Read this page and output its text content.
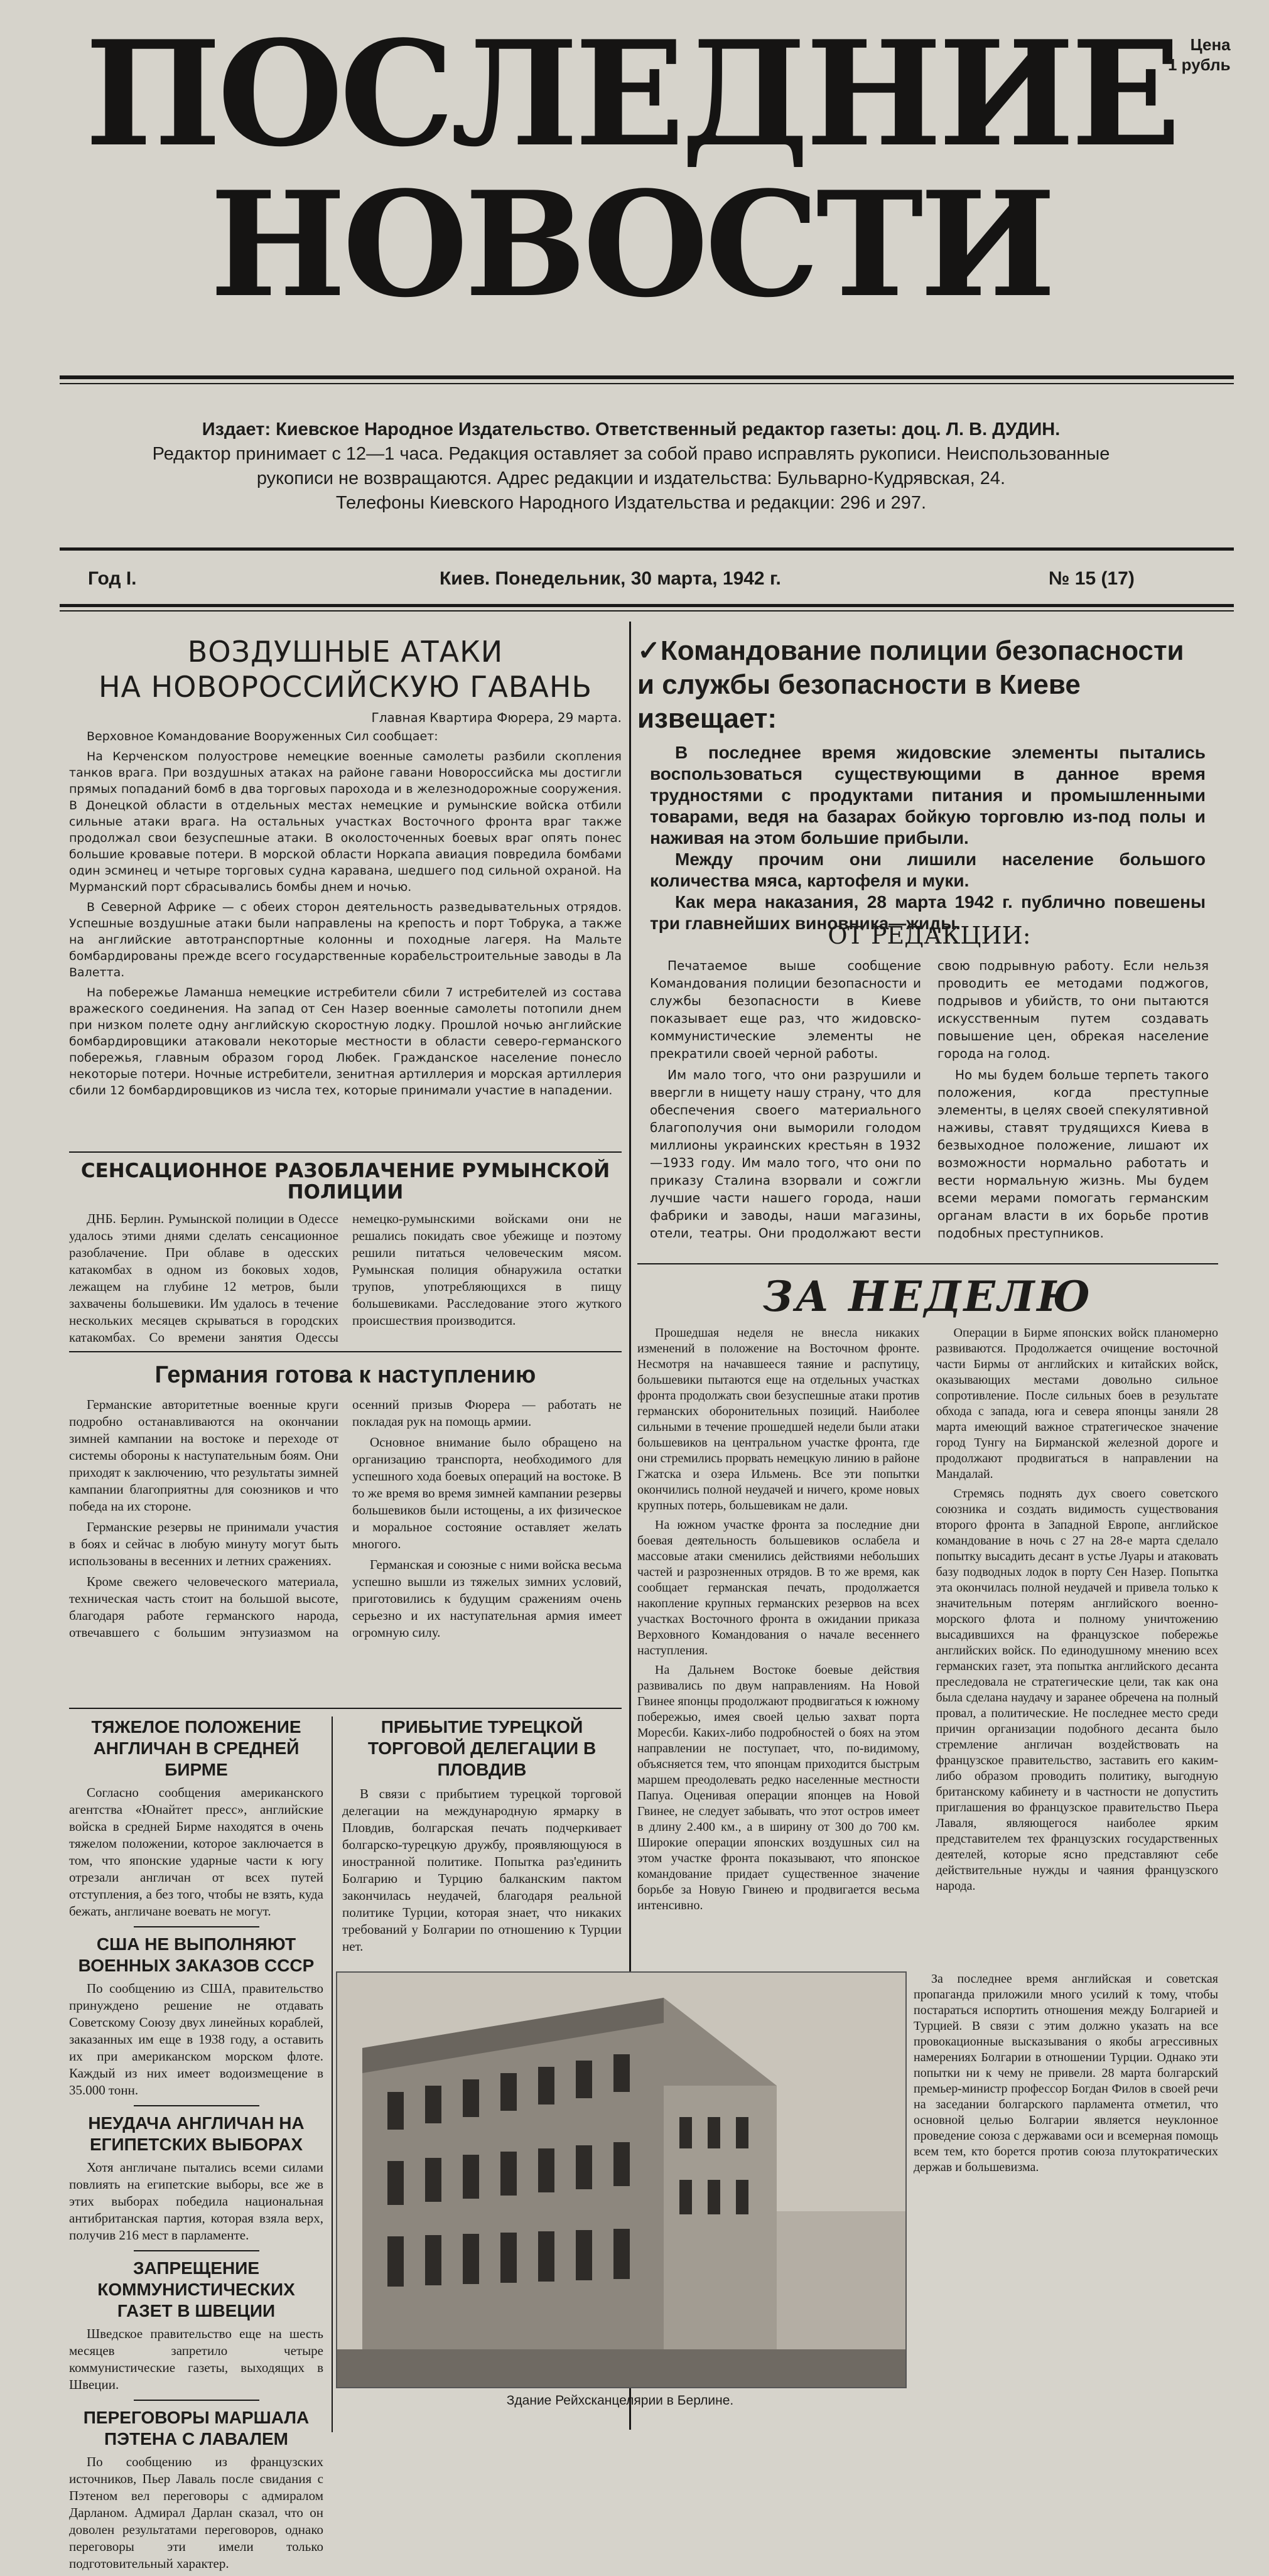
ПОСЛЕДНИЕ
НОВОСТИ
Цена
1 рубль
Издает: Киевское Народное Издательство. Ответственный редактор газеты: доц. Л. В. ДУДИН.
Редактор принимает с 12—1 часа. Редакция оставляет за собой право исправлять рукописи. Неиспользованные
рукописи не возвращаются. Адрес редакции и издательства: Бульварно-Кудрявская, 24.
Телефоны Киевского Народного Издательства и редакции: 296 и 297.
Год I.	Киев. Понедельник, 30 марта, 1942 г.	№ 15 (17)
ВОЗДУШНЫЕ АТАКИ
НА НОВОРОССИЙСКУЮ ГАВАНЬ
Главная Квартира Фюрера, 29 марта.

Верховное Командование Вооруженных Сил сообщает:

На Керченском полуострове немецкие военные самолеты разбили скопления танков врага. При воздушных атаках на районе гавани Новороссийска мы достигли прямых попаданий бомб в два торговых парохода и в железнодорожные сооружения. В Донецкой области в отдельных местах немецкие и румынские войска отбили сильные атаки врага. На остальных участках Восточного фронта враг также продолжал свои безуспешные атаки. В околосточенных боевых враг опять понес большие кровавые потери. В морской области Норкапа авиация повредила бомбами один эсминец и четыре торговых судна каравана, шедшего под сильной охраной. На Мурманский порт сбрасывались бомбы днем и ночью.

В Северной Африке — с обеих сторон деятельность разведывательных отрядов. Успешные воздушные атаки были направлены на крепость и порт Тобрука, а также на английские автотранспортные колонны и походные лагеря. На Мальте бомбардированы прежде всего государственные корабельстроительные заводы в Ла Валетта.

На побережье Ламанша немецкие истребители сбили 7 истребителей из состава вражеского соединения. На запад от Сен Назер военные самолеты потопили днем при низком полете одну английскую скоростную лодку. Прошлой ночью английские бомбардировщики атаковали некоторые местности в области северо-германского побережья, главным образом город Любек. Гражданское население понесло некоторые потери. Ночные истребители, зенитная артиллерия и морская артиллерия сбили 12 бомбардировщиков из числа тех, которые принимали участие в нападении.

СЕНСАЦИОННОЕ РАЗОБЛАЧЕНИЕ РУМЫНСКОЙ ПОЛИЦИИ

ДНБ. Берлин. Румынской полиции в Одессе удалось этими днями сделать сенсационное разоблачение. При облаве в одесских катакомбах в одном из боковых ходов, лежащем на глубине 12 метров, были захвачены большевики. Им удалось в течение нескольких месяцев скрываться в городских катакомбах. Со времени занятия Одессы немецко-румынскими войсками они не решались покидать свое убежище и поэтому решили питаться человеческим мясом. Румынская полиция обнаружила остатки трупов, употребляющихся в пищу большевиками. Расследование этого жуткого происшествия производится.

Германия готова к наступлению

Германские авторитетные военные круги подробно останавливаются на окончании зимней кампании на востоке и переходе от системы обороны к наступательным боям. Они приходят к заключению, что результаты зимней кампании благоприятны для союзников и что победа на их стороне.

Германские резервы не принимали участия в боях и сейчас в любую минуту могут быть использованы в весенних и летних сражениях.

Кроме свежего человеческого материала, техническая часть стоит на большой высоте, благодаря работе германского народа, отвечавшего с большим энтузиазмом на осенний призыв Фюрера — работать не покладая рук на помощь армии.

Основное внимание было обращено на организацию транспорта, необходимого для успешного хода боевых операций на востоке. В то же время во время зимней кампании резервы большевиков были истощены, а их физическое и моральное состояние оставляет желать многого.

Германская и союзные с ними войска весьма успешно вышли из тяжелых зимних условий, приготовились к будущим сражениям очень серьезно и их наступательная армия имеет огромную силу.

ТЯЖЕЛОЕ ПОЛОЖЕНИЕ АНГЛИЧАН В СРЕДНЕЙ БИРМЕ

Согласно сообщения американского агентства «Юнайтет пресс», английские войска в средней Бирме находятся в очень тяжелом положении, которое заключается в том, что японские ударные части к югу отрезали англичан от всех путей отступления, а без того, чтобы не взять, куда бежать, англичане воевать не могут.

США НЕ ВЫПОЛНЯЮТ ВОЕННЫХ ЗАКАЗОВ СССР

По сообщению из США, правительство принуждено решение не отдавать Советскому Союзу двух линейных кораблей, заказанных им еще в 1938 году, а оставить их при американском морском флоте. Каждый из них имеет водоизмещение в 35.000 тонн.

НЕУДАЧА АНГЛИЧАН НА ЕГИПЕТСКИХ ВЫБОРАХ

Хотя англичане пытались всеми силами повлиять на египетские выборы, все же в этих выборах победила национальная антибританская партия, которая взяла верх, получив 216 мест в парламенте.

ЗАПРЕЩЕНИЕ КОММУНИСТИЧЕСКИХ ГАЗЕТ В ШВЕЦИИ

Шведское правительство еще на шесть месяцев запретило четыре коммунистические газеты, выходящих в Швеции.

ПЕРЕГОВОРЫ МАРШАЛА ПЭТЕНА С ЛАВАЛЕМ

По сообщению из французских источников, Пьер Лаваль после свидания с Пэтеном вел переговоры с адмиралом Дарланом. Адмирал Дарлан сказал, что он доволен результатами переговоров, однако переговоры эти имели только подготовительный характер.

ПРИБЫТИЕ ТУРЕЦКОЙ ТОРГОВОЙ ДЕЛЕГАЦИИ В ПЛОВДИВ

В связи с прибытием турецкой торговой делегации на международную ярмарку в Пловдив, болгарская печать подчеркивает болгарско-турецкую дружбу, проявляющуюся в иностранной политике. Попытка раз'единить Болгарию и Турцию балканским пактом закончилась неудачей, благодаря реальной политике Турции, которая знает, что никаких требований у Болгарии по отношению к Турции нет.

Здание Рейхсканцелярии в Берлине.
✓Командование полиции безопасности
и службы безопасности в Киеве извещает:

В последнее время жидовские элементы пытались воспользоваться существующими в данное время трудностями с продуктами питания и промышленными товарами, ведя на базарах бойкую торговлю из-под полы и наживая на этом большие прибыли.

Между прочим они лишили население большого количества мяса, картофеля и муки.

Как мера наказания, 28 марта 1942 г. публично повешены три главнейших виновника—жиды.

ОТ РЕДАКЦИИ:

Печатаемое выше сообщение Командования полиции безопасности и службы безопасности в Киеве показывает еще раз, что жидовско-коммунистические элементы не прекратили своей черной работы.

Им мало того, что они разрушили и ввергли в нищету нашу страну, что для обеспечения своего материального благополучия они выморили голодом миллионы украинских крестьян в 1932—1933 году. Им мало того, что они по приказу Сталина взорвали и сожгли лучшие части нашего города, наши фабрики и заводы, наши магазины, отели, театры. Они продолжают вести свою подрывную работу. Если нельзя проводить ее методами поджогов, подрывов и убийств, то они пытаются искусственным путем создавать повышение цен, обрекая население города на голод.

Но мы будем больше терпеть такого положения, когда преступные элементы, в целях своей спекулятивной наживы, ставят трудящихся Киева в безвыходное положение, лишают их возможности нормально работать и вести нормальную жизнь. Мы будем всеми мерами помогать германским органам власти в их борьбе против подобных преступников.

ЗА НЕДЕЛЮ

Прошедшая неделя не внесла никаких изменений в положение на Восточном фронте. Несмотря на начавшееся таяние и распутицу, большевики пытаются еще на отдельных участках фронта продолжать свои безуспешные атаки против германских оборонительных позиций. Наиболее сильными в течение прошедшей недели были атаки большевиков на центральном участке фронта, где они стремились прорвать немецкую линию в районе Гжатска и озера Ильмень. Все эти попытки окончились полной неудачей и ничего, кроме новых крупных потерь, большевикам не дали.

На южном участке фронта за последние дни боевая деятельность большевиков ослабела и массовые атаки сменились действиями небольших частей и разрозненных отрядов. В то же время, как сообщает германская печать, продолжается накопление крупных германских резервов на всех участках Восточного фронта в ожидании приказа Верховного Командования о начале весеннего наступления.

На Дальнем Востоке боевые действия развивались по двум направлениям. На Новой Гвинее японцы продолжают продвигаться к южному побережью, имея своей целью захват порта Моресби. Каких-либо подробностей о боях на этом направлении не поступает, что, по-видимому, объясняется тем, что японцам приходится быстрым маршем преодолевать редко населенные местности Папуа. Оценивая операции японцев на Новой Гвинее, не следует забывать, что этот остров имеет в длину 2.400 км., а в ширину от 300 до 700 км. Широкие операции японских воздушных сил на этом участке фронта показывают, что японское командование придает существенное значение борьбе за Новую Гвинею и продвигается весьма интенсивно.

Операции в Бирме японских войск планомерно развиваются. Продолжается очищение восточной части Бирмы от английских и китайских войск, оказывающих местами довольно сильное сопротивление. После сильных боев в результате обхода с запада, юга и севера японцы заняли 28 марта имеющий важное стратегическое значение город Тунгу на Бирманской железной дороге и продолжают продвигаться в направлении на Мандалай.

Стремясь поднять дух своего советского союзника и создать видимость существования второго фронта в Западной Европе, английское командование в ночь с 27 на 28-е марта сделало попытку высадить десант в устье Луары и атаковать базу подводных лодок в порту Сен Назер. Попытка эта окончилась полной неудачей и привела только к значительным потерям английского военно-морского флота и полному уничтожению высадившихся на французское побережье английских войск. По единодушному мнению всех германских газет, эта попытка английского десанта преследовала не стратегические цели, так как она была сделана наудачу и заранее обречена на полный провал, а политические. Не последнее место среди причин организации подобного десанта было стремление англичан воздействовать на французское правительство, заставить его каким-либо образом проводить политику, выгодную британскому кабинету и в частности не допустить приглашения во французское правительство Пьера Лаваля, являющегося наиболее ярким представителем тех французских государственных деятелей, которые ясно представляют себе действительные нужды и чаяния французского народа.

За последнее время английская и советская пропаганда приложили много усилий к тому, чтобы постараться испортить отношения между Болгарией и Турцией. В связи с этим должно указать на все провокационные высказывания о якобы агрессивных намерениях Болгарии в отношении Турции. Однако эти попытки ни к чему не привели. 28 марта болгарский премьер-министр профессор Богдан Филов в своей речи на заседании болгарского парламента отметил, что основной целью Болгарии является неуклонное проведение союза с державами оси и всемерная помощь всем тем, кто борется против союза плутократических держав и большевизма.
